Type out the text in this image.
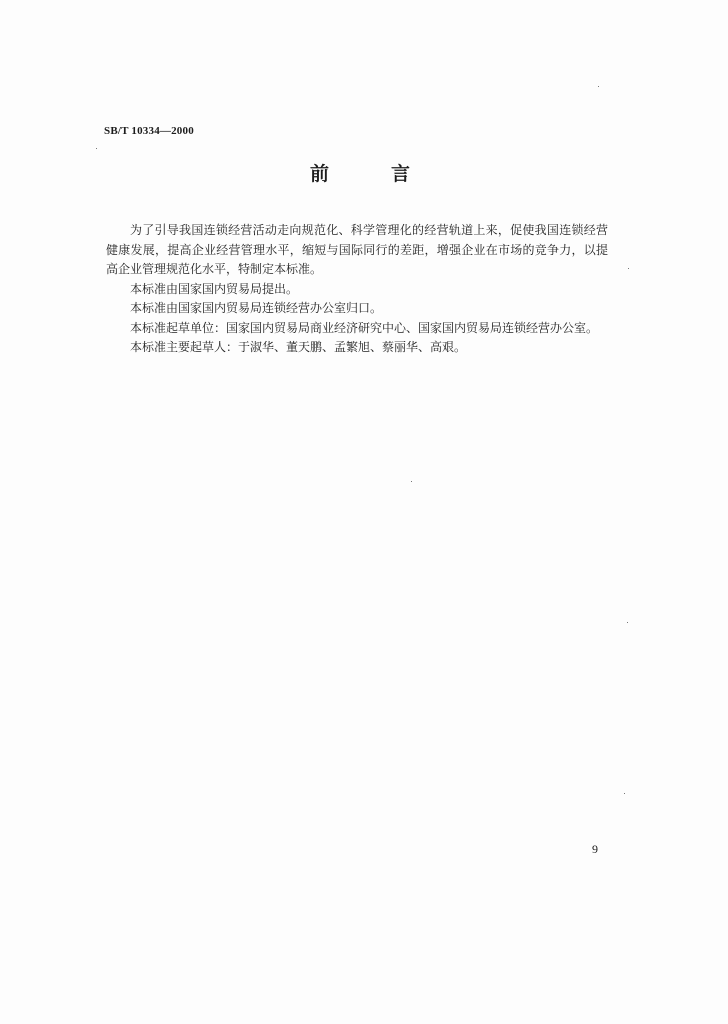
SB/T 10334—2000
前	言

为了引导我国连锁经营活动走向规范化、科学管理化的经营轨道上来，促使我国连锁经营健康发展，提高企业经营管理水平，缩短与国际同行的差距，增强企业在市场的竞争力，以提高企业管理规范化水平，特制定本标准。

本标准由国家国内贸易局提出。

本标准由国家国内贸易局连锁经营办公室归口。

本标准起草单位：国家国内贸易局商业经济研究中心、国家国内贸易局连锁经营办公室。

本标准主要起草人：于淑华、董天鹏、孟繁旭、蔡丽华、高艰。

9
